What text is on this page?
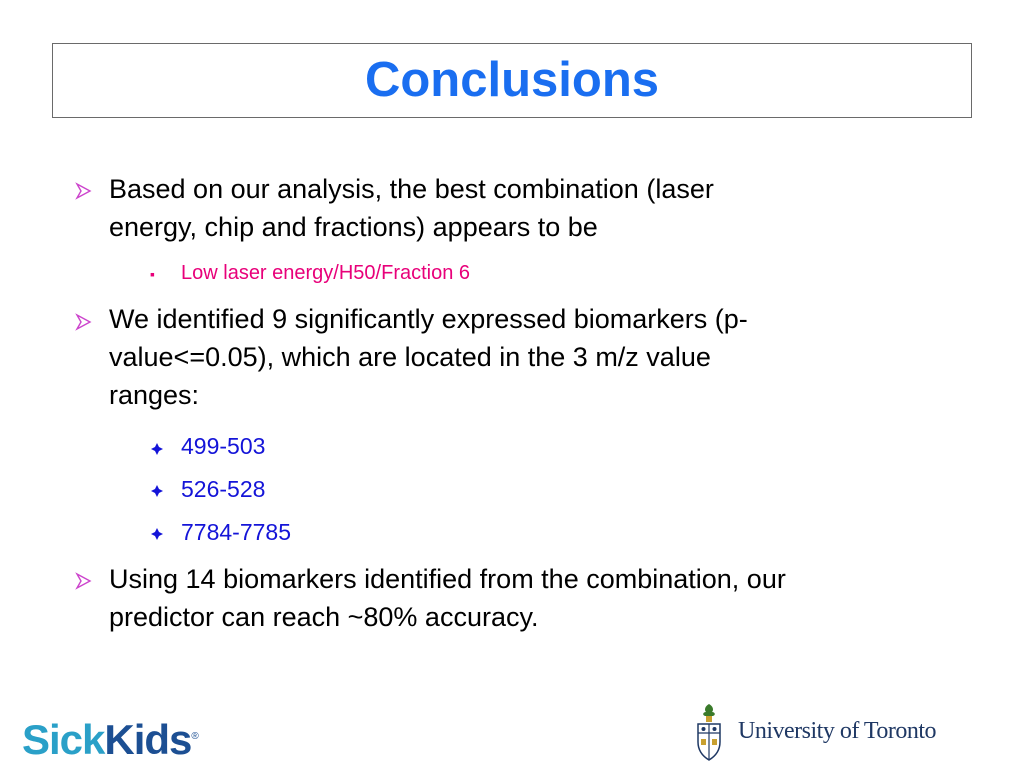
Conclusions
Based on our analysis, the best combination (laser
energy, chip and fractions) appears to be
▪ Low laser energy/H50/Fraction 6
We identified 9 significantly expressed biomarkers (p-
value<=0.05), which are located in the 3 m/z value
ranges:
499-503
526-528
7784-7785
Using 14 biomarkers identified from the combination, our
predictor can reach ~80% accuracy.
SickKids®	University of Toronto
